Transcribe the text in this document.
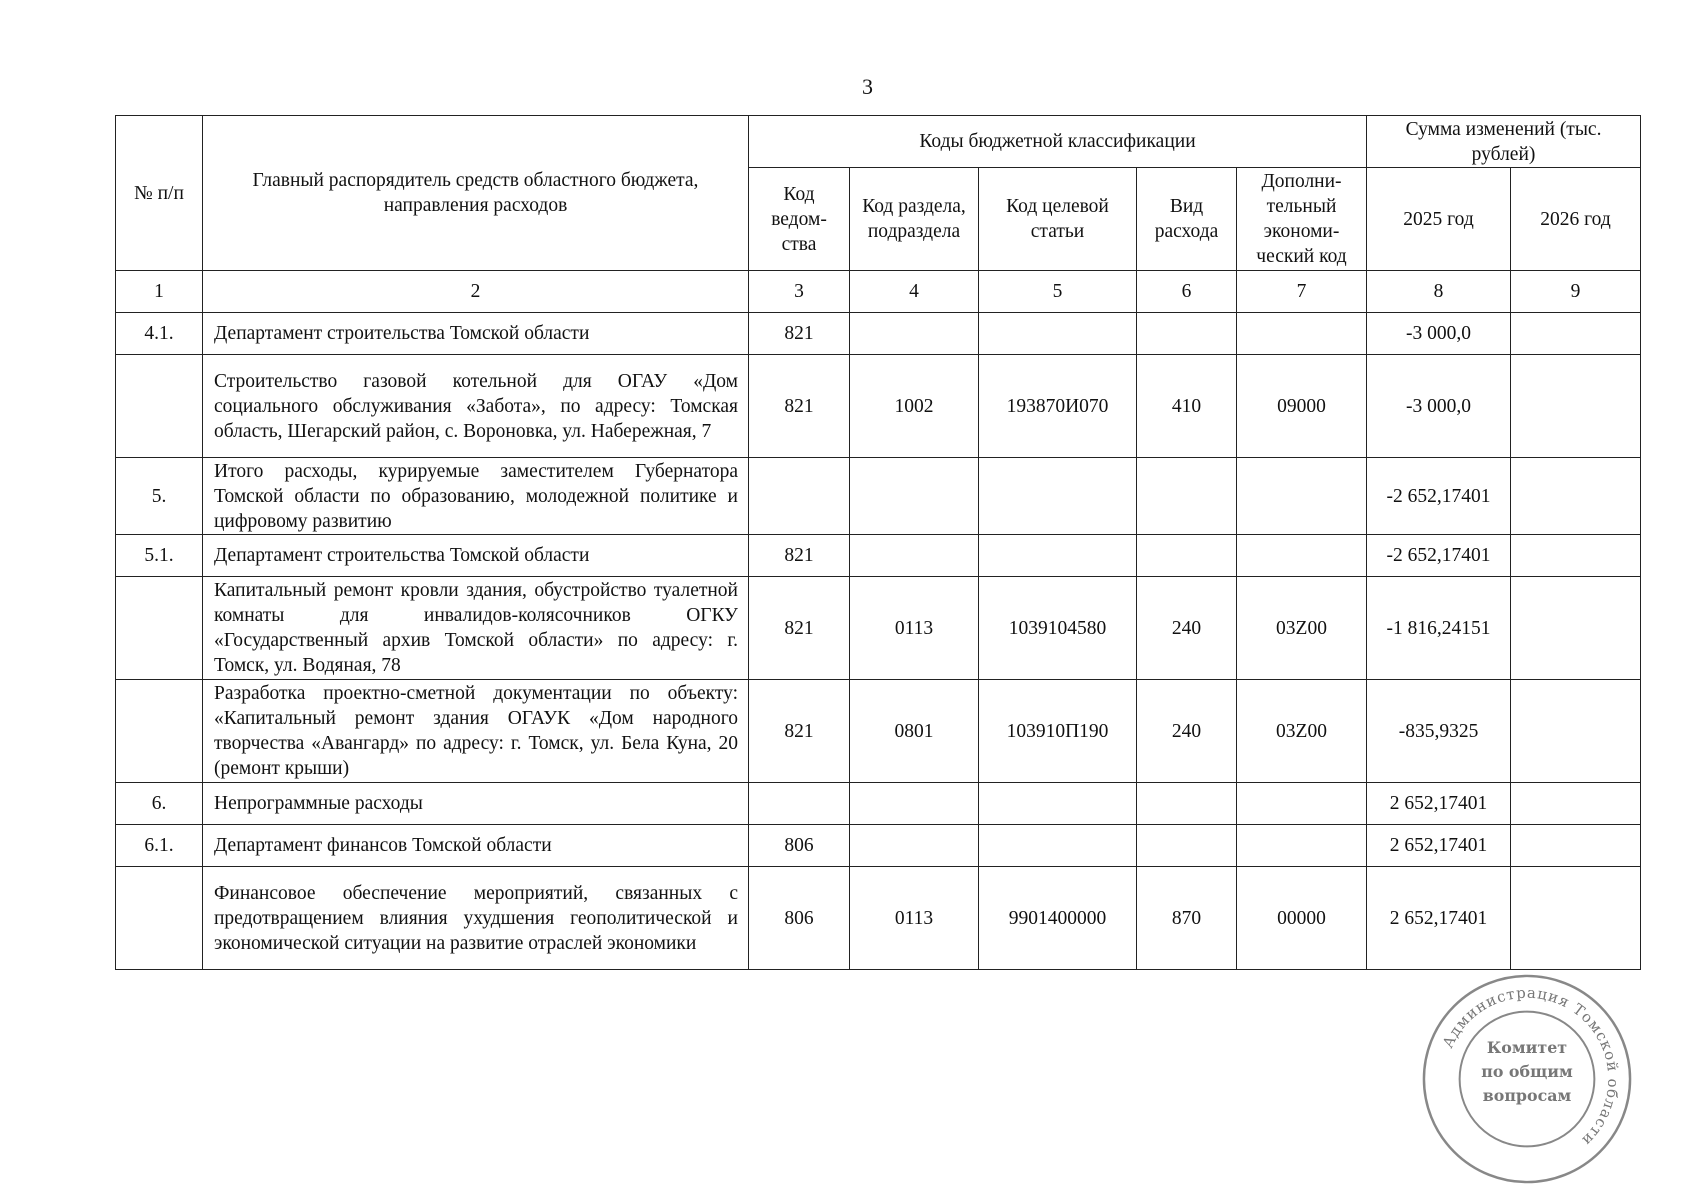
3
№ п/п	Главный распорядитель средств областного бюджета, направления расходов	Коды бюджетной классификации					Сумма изменений (тыс. рублей)	
		Код ведом-ства	Код раздела, подраздела	Код целевой статьи	Вид расхода	Дополни-тельный экономи-ческий код	2025 год	2026 год
1	2	3	4	5	6	7	8	9
4.1.	Департамент строительства Томской области	821					-3 000,0	
	Строительство газовой котельной для ОГАУ «Дом социального обслуживания «Забота», по адресу: Томская область, Шегарский район, с. Вороновка, ул. Набережная, 7	821	1002	193870И070	410	09000	-3 000,0	
5.	Итого расходы, курируемые заместителем Губернатора Томской области по образованию, молодежной политике и цифровому развитию						-2 652,17401	
5.1.	Департамент строительства Томской области	821					-2 652,17401	
	Капитальный ремонт кровли здания, обустройство туалетной комнаты для инвалидов-колясочников ОГКУ «Государственный архив Томской области» по адресу: г. Томск, ул. Водяная, 78	821	0113	1039104580	240	03Z00	-1 816,24151	
	Разработка проектно-сметной документации по объекту: «Капитальный ремонт здания ОГАУК «Дом народного творчества «Авангард» по адресу: г. Томск, ул. Бела Куна, 20 (ремонт крыши)	821	0801	103910П190	240	03Z00	-835,9325	
6.	Непрограммные расходы						2 652,17401	
6.1.	Департамент финансов Томской области	806					2 652,17401	
	Финансовое обеспечение мероприятий, связанных с предотвращением влияния ухудшения геополитической и экономической ситуации на развитие отраслей экономики	806	0113	9901400000	870	00000	2 652,17401	
Администрация Томской области
Комитет
по общим
вопросам
